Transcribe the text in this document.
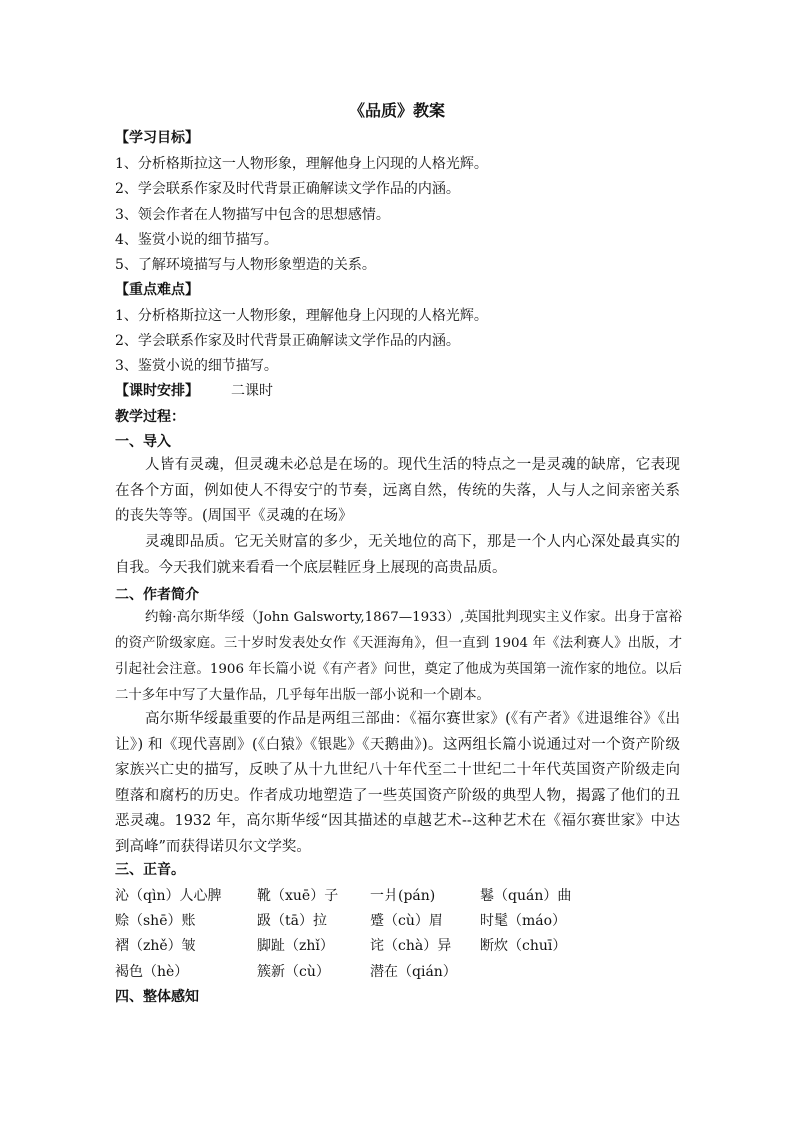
《品质》教案
【学习目标】
1、分析格斯拉这一人物形象，理解他身上闪现的人格光辉。
2、学会联系作家及时代背景正确解读文学作品的内涵。
3、领会作者在人物描写中包含的思想感情。
4、鉴赏小说的细节描写。
5、了解环境描写与人物形象塑造的关系。
【重点难点】
1、分析格斯拉这一人物形象，理解他身上闪现的人格光辉。
2、学会联系作家及时代背景正确解读文学作品的内涵。
3、鉴赏小说的细节描写。
【课时安排】 二课时
教学过程：
一、导入
人皆有灵魂，但灵魂未必总是在场的。现代生活的特点之一是灵魂的缺席，它表现在各个方面，例如使人不得安宁的节奏，远离自然，传统的失落，人与人之间亲密关系的丧失等等。(周国平《灵魂的在场》
灵魂即品质。它无关财富的多少，无关地位的高下，那是一个人内心深处最真实的自我。今天我们就来看看一个底层鞋匠身上展现的高贵品质。
二、作者简介
约翰·高尔斯华绥（John Galsworty,1867—1933）,英国批判现实主义作家。出身于富裕的资产阶级家庭。三十岁时发表处女作《天涯海角》，但一直到 1904 年《法利赛人》出版，才引起社会注意。1906 年长篇小说《有产者》问世，奠定了他成为英国第一流作家的地位。以后二十多年中写了大量作品，几乎每年出版一部小说和一个剧本。
高尔斯华绥最重要的作品是两组三部曲：《福尔赛世家》(《有产者》《进退维谷》《出让》) 和《现代喜剧》(《白猿》《银匙》《天鹅曲》)。这两组长篇小说通过对一个资产阶级家族兴亡史的描写，反映了从十九世纪八十年代至二十世纪二十年代英国资产阶级走向堕落和腐朽的历史。作者成功地塑造了一些英国资产阶级的典型人物，揭露了他们的丑恶灵魂。1932 年，高尔斯华绥“因其描述的卓越艺术--这种艺术在《福尔赛世家》中达到高峰”而获得诺贝尔文学奖。
三、正音。
沁（qìn）人心脾	靴（xuē）子 一爿(pán)	鬈（quán）曲
赊（shē）账	趿（tā）拉	蹙（cù）眉	时髦（máo）
褶（zhě）皱	脚趾（zhǐ）	诧（chà）异 断炊（chuī）
褐色（hè）	簇新（cù）	潜在（qián）
四、整体感知
